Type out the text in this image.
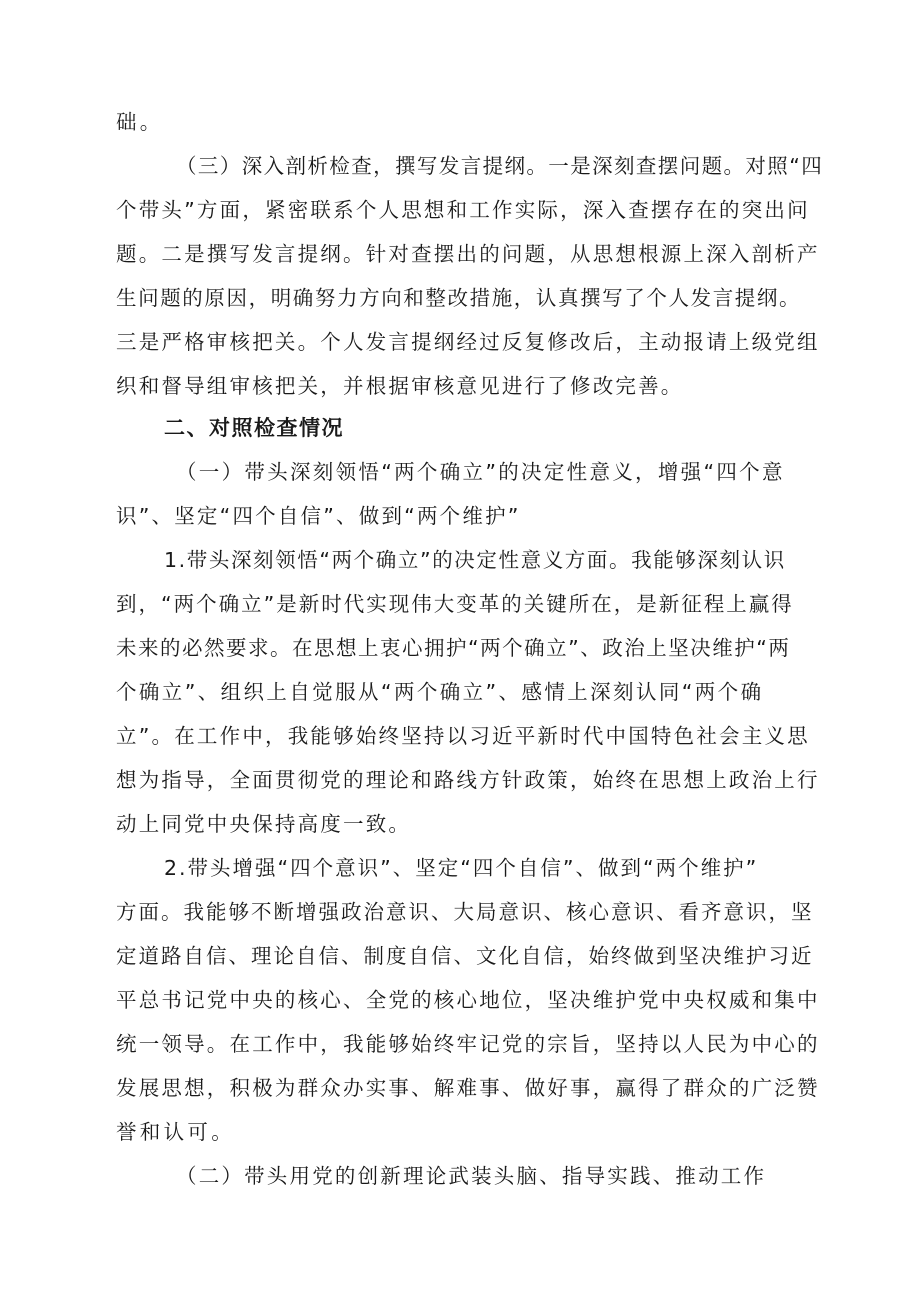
础。

（三）深入剖析检查，撰写发言提纲。一是深刻查摆问题。对照“四

个带头”方面，紧密联系个人思想和工作实际，深入查摆存在的突出问

题。二是撰写发言提纲。针对查摆出的问题，从思想根源上深入剖析产

生问题的原因，明确努力方向和整改措施，认真撰写了个人发言提纲。

三是严格审核把关。个人发言提纲经过反复修改后，主动报请上级党组

织和督导组审核把关，并根据审核意见进行了修改完善。

二、对照检查情况

（一）带头深刻领悟“两个确立”的决定性意义，增强“四个意

识”、坚定“四个自信”、做到“两个维护”

1.带头深刻领悟“两个确立”的决定性意义方面。我能够深刻认识

到，“两个确立”是新时代实现伟大变革的关键所在，是新征程上赢得

未来的必然要求。在思想上衷心拥护“两个确立”、政治上坚决维护“两

个确立”、组织上自觉服从“两个确立”、感情上深刻认同“两个确

立”。在工作中，我能够始终坚持以习近平新时代中国特色社会主义思

想为指导，全面贯彻党的理论和路线方针政策，始终在思想上政治上行

动上同党中央保持高度一致。

2.带头增强“四个意识”、坚定“四个自信”、做到“两个维护”

方面。我能够不断增强政治意识、大局意识、核心意识、看齐意识，坚

定道路自信、理论自信、制度自信、文化自信，始终做到坚决维护习近

平总书记党中央的核心、全党的核心地位，坚决维护党中央权威和集中

统一领导。在工作中，我能够始终牢记党的宗旨，坚持以人民为中心的

发展思想，积极为群众办实事、解难事、做好事，赢得了群众的广泛赞

誉和认可。

（二）带头用党的创新理论武装头脑、指导实践、推动工作
